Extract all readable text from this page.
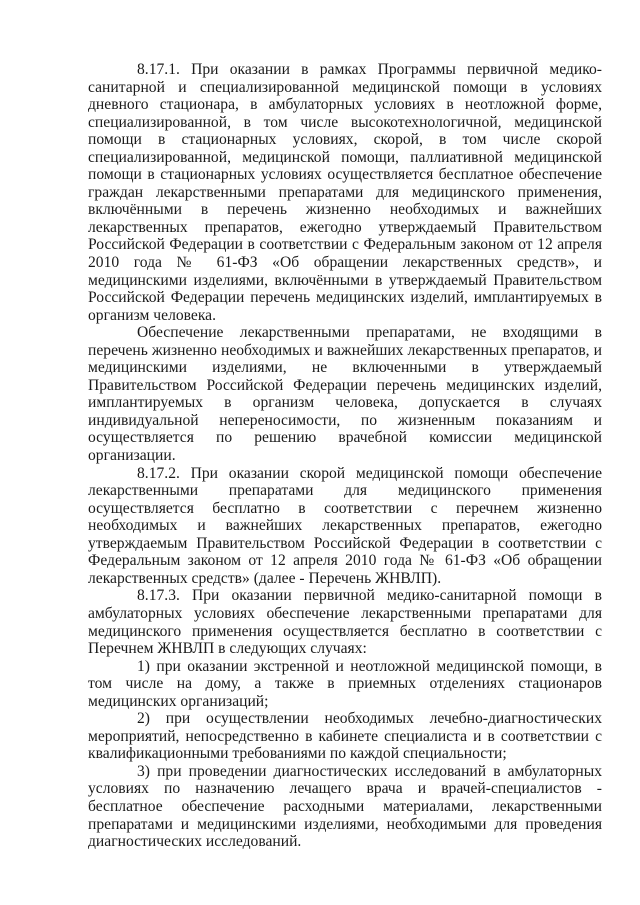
8.17.1. При оказании в рамках Программы первичной медико-санитарной и специализированной медицинской помощи в условиях дневного стационара, в амбулаторных условиях в неотложной форме, специализированной, в том числе высокотехнологичной, медицинской помощи в стационарных условиях, скорой, в том числе скорой специализированной, медицинской помощи, паллиативной медицинской помощи в стационарных условиях осуществляется бесплатное обеспечение граждан лекарственными препаратами для медицинского применения, включёнными в перечень жизненно необходимых и важнейших лекарственных препаратов, ежегодно утверждаемый Правительством Российской Федерации в соответствии с Федеральным законом от 12 апреля 2010 года № 61-ФЗ «Об обращении лекарственных средств», и медицинскими изделиями, включёнными в утверждаемый Правительством Российской Федерации перечень медицинских изделий, имплантируемых в организм человека.

Обеспечение лекарственными препаратами, не входящими в перечень жизненно необходимых и важнейших лекарственных препаратов, и медицинскими изделиями, не включенными в утверждаемый Правительством Российской Федерации перечень медицинских изделий, имплантируемых в организм человека, допускается в случаях индивидуальной непереносимости, по жизненным показаниям и осуществляется по решению врачебной комиссии медицинской организации.

8.17.2. При оказании скорой медицинской помощи обеспечение лекарственными препаратами для медицинского применения осуществляется бесплатно в соответствии с перечнем жизненно необходимых и важнейших лекарственных препаратов, ежегодно утверждаемым Правительством Российской Федерации в соответствии с Федеральным законом от 12 апреля 2010 года № 61-ФЗ «Об обращении лекарственных средств» (далее - Перечень ЖНВЛП).

8.17.3. При оказании первичной медико-санитарной помощи в амбулаторных условиях обеспечение лекарственными препаратами для медицинского применения осуществляется бесплатно в соответствии с Перечнем ЖНВЛП в следующих случаях:

1) при оказании экстренной и неотложной медицинской помощи, в том числе на дому, а также в приемных отделениях стационаров медицинских организаций;

2) при осуществлении необходимых лечебно-диагностических мероприятий, непосредственно в кабинете специалиста и в соответствии с квалификационными требованиями по каждой специальности;

3) при проведении диагностических исследований в амбулаторных условиях по назначению лечащего врача и врачей-специалистов - бесплатное обеспечение расходными материалами, лекарственными препаратами и медицинскими изделиями, необходимыми для проведения диагностических исследований.
